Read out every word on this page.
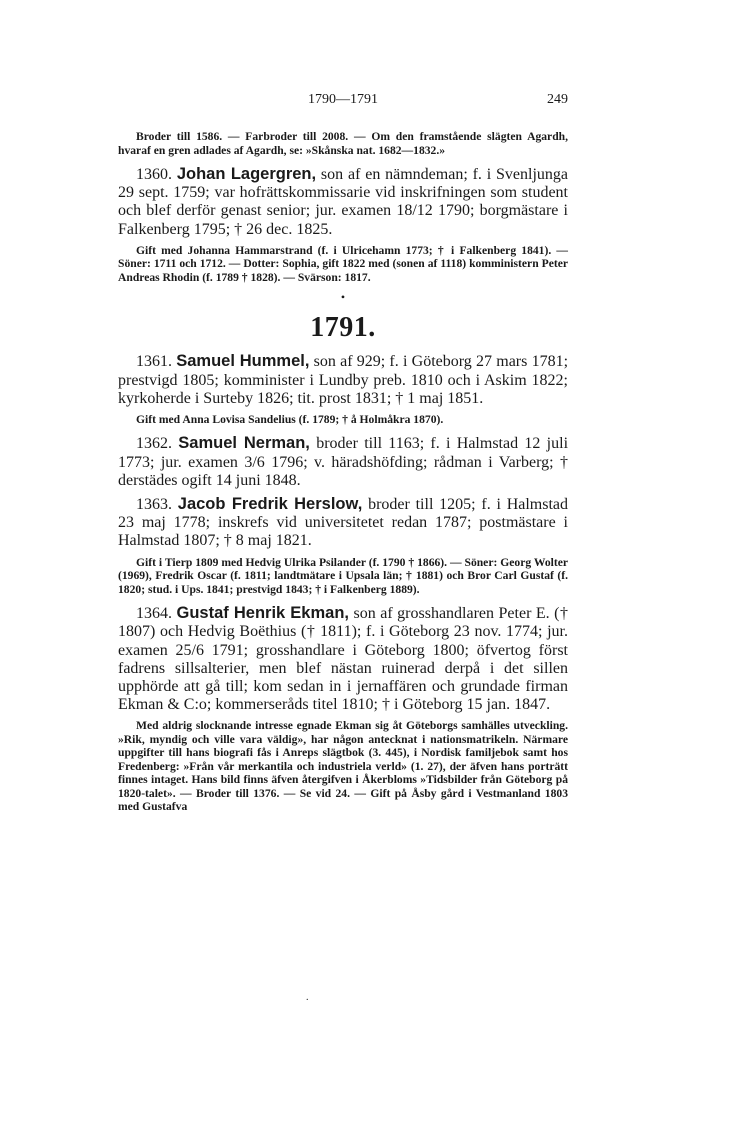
1790—1791	249

Broder till 1586. — Farbroder till 2008. — Om den framstående slägten Agardh, hvaraf en gren adlades af Agardh, se: »Skånska nat. 1682—1832.»

1360. Johan Lagergren, son af en nämndeman; f. i Svenljunga 29 sept. 1759; var hofrättskommissarie vid inskrifningen som student och blef derför genast senior; jur. examen 18/12 1790; borgmästare i Falkenberg 1795; † 26 dec. 1825.

Gift med Johanna Hammarstrand (f. i Ulricehamn 1773; † i Falkenberg 1841). — Söner: 1711 och 1712. — Dotter: Sophia, gift 1822 med (sonen af 1118) komministern Peter Andreas Rhodin (f. 1789 † 1828). — Svärson: 1817.

•
1791.

1361. Samuel Hummel, son af 929; f. i Göteborg 27 mars 1781; prestvigd 1805; komminister i Lundby preb. 1810 och i Askim 1822; kyrkoherde i Surteby 1826; tit. prost 1831; † 1 maj 1851.

Gift med Anna Lovisa Sandelius (f. 1789; † å Holmåkra 1870).

1362. Samuel Nerman, broder till 1163; f. i Halmstad 12 juli 1773; jur. examen 3/6 1796; v. häradshöfding; rådman i Varberg; † derstädes ogift 14 juni 1848.

1363. Jacob Fredrik Herslow, broder till 1205; f. i Halmstad 23 maj 1778; inskrefs vid universitetet redan 1787; postmästare i Halmstad 1807; † 8 maj 1821.

Gift i Tierp 1809 med Hedvig Ulrika Psilander (f. 1790 † 1866). — Söner: Georg Wolter (1969), Fredrik Oscar (f. 1811; landtmätare i Upsala län; † 1881) och Bror Carl Gustaf (f. 1820; stud. i Ups. 1841; prestvigd 1843; † i Falkenberg 1889).

1364. Gustaf Henrik Ekman, son af grosshandlaren Peter E. († 1807) och Hedvig Boëthius († 1811); f. i Göteborg 23 nov. 1774; jur. examen 25/6 1791; grosshandlare i Göteborg 1800; öfvertog först fadrens sillsalterier, men blef nästan ruinerad derpå i det sillen upphörde att gå till; kom sedan in i jernaffären och grundade firman Ekman & C:o; kommerseråds titel 1810; † i Göteborg 15 jan. 1847.

Med aldrig slocknande intresse egnade Ekman sig åt Göteborgs samhälles utveckling. »Rik, myndig och ville vara väldig», har någon antecknat i nationsmatrikeln. Närmare uppgifter till hans biografi fås i Anreps slägtbok (3. 445), i Nordisk familjebok samt hos Fredenberg: »Från vår merkantila och industriela verld» (1. 27), der äfven hans porträtt finnes intaget. Hans bild finns äfven återgifven i Åkerbloms »Tidsbilder från Göteborg på 1820-talet». — Broder till 1376. — Se vid 24. — Gift på Åsby gård i Vestmanland 1803 med Gustafva

.
